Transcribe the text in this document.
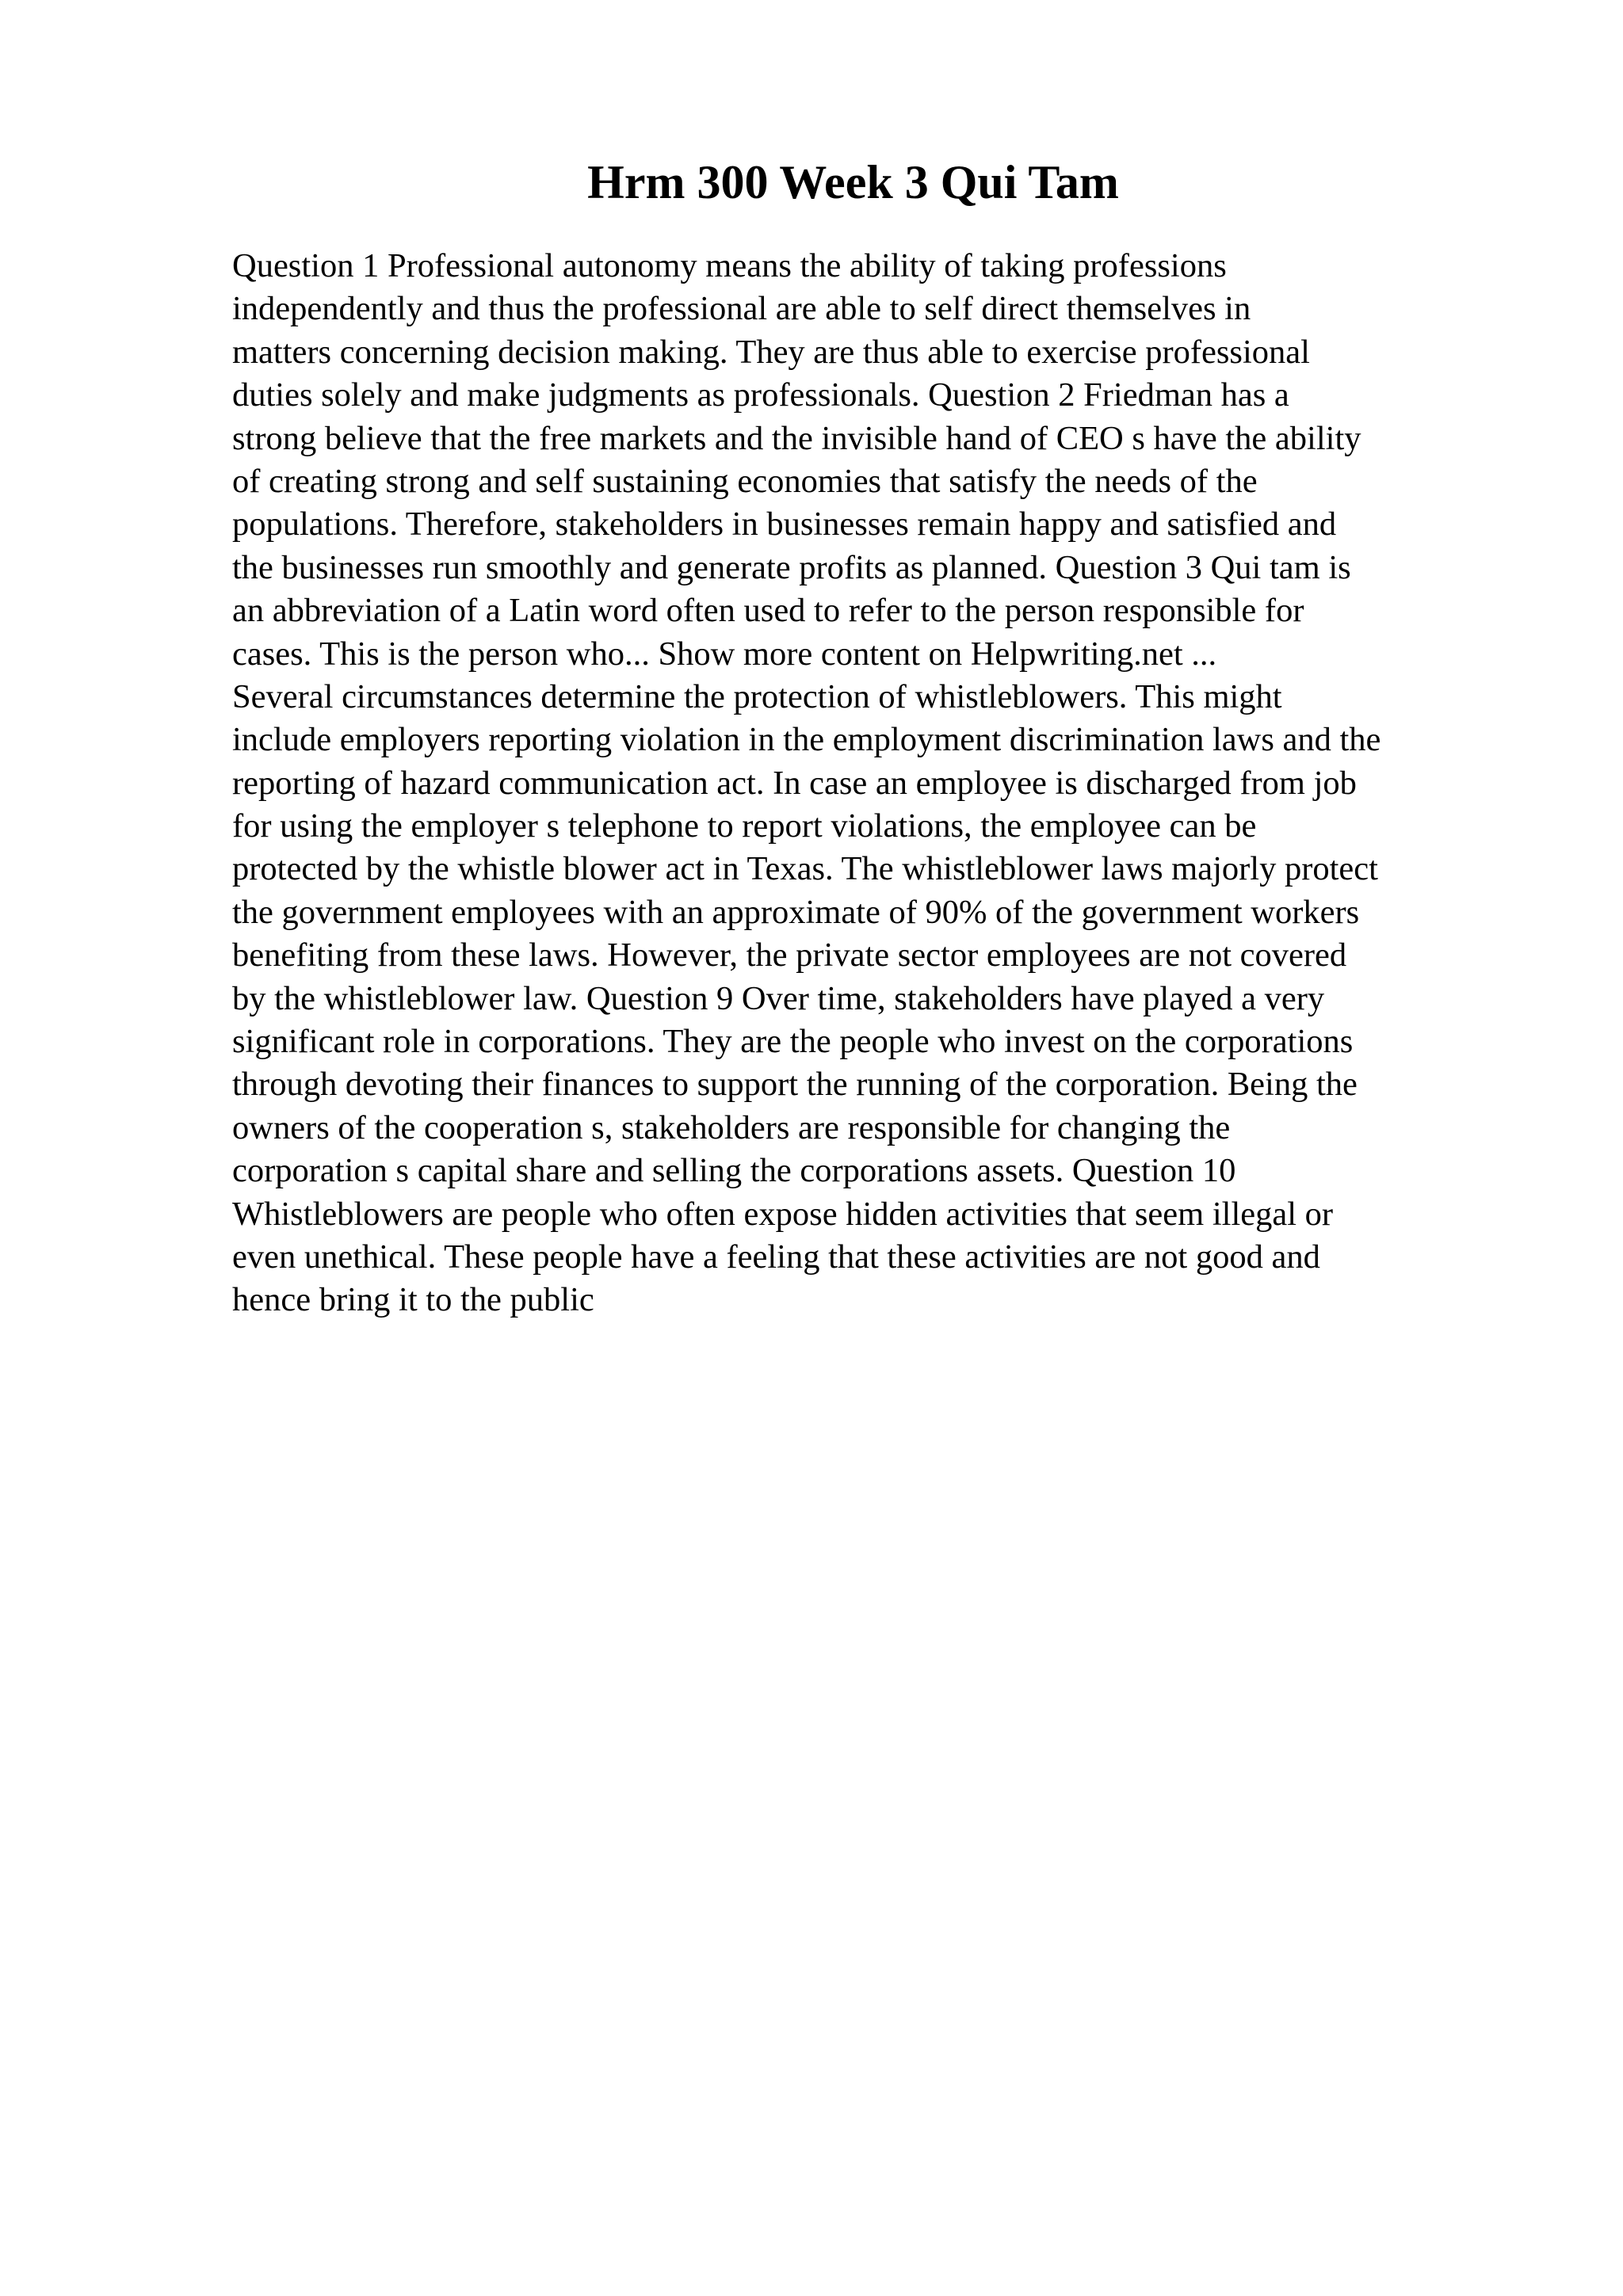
Hrm 300 Week 3 Qui Tam
Question 1 Professional autonomy means the ability of taking professions
independently and thus the professional are able to self direct themselves in
matters concerning decision making. They are thus able to exercise professional
duties solely and make judgments as professionals. Question 2 Friedman has a
strong believe that the free markets and the invisible hand of CEO s have the ability
of creating strong and self sustaining economies that satisfy the needs of the
populations. Therefore, stakeholders in businesses remain happy and satisfied and
the businesses run smoothly and generate profits as planned. Question 3 Qui tam is
an abbreviation of a Latin word often used to refer to the person responsible for
cases. This is the person who... Show more content on Helpwriting.net ...
Several circumstances determine the protection of whistleblowers. This might
include employers reporting violation in the employment discrimination laws and the
reporting of hazard communication act. In case an employee is discharged from job
for using the employer s telephone to report violations, the employee can be
protected by the whistle blower act in Texas. The whistleblower laws majorly protect
the government employees with an approximate of 90% of the government workers
benefiting from these laws. However, the private sector employees are not covered
by the whistleblower law. Question 9 Over time, stakeholders have played a very
significant role in corporations. They are the people who invest on the corporations
through devoting their finances to support the running of the corporation. Being the
owners of the cooperation s, stakeholders are responsible for changing the
corporation s capital share and selling the corporations assets. Question 10
Whistleblowers are people who often expose hidden activities that seem illegal or
even unethical. These people have a feeling that these activities are not good and
hence bring it to the public
